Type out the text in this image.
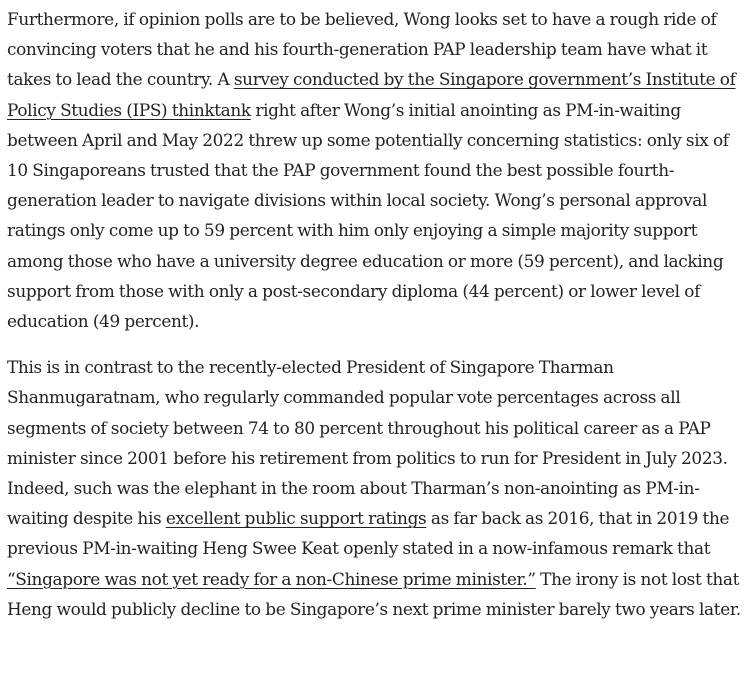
Furthermore, if opinion polls are to be believed, Wong looks set to have a rough ride of convincing voters that he and his fourth-generation PAP leadership team have what it takes to lead the country. A survey conducted by the Singapore government’s Institute of Policy Studies (IPS) thinktank right after Wong’s initial anointing as PM-in-waiting between April and May 2022 threw up some potentially concerning statistics: only six of 10 Singaporeans trusted that the PAP government found the best possible fourth-generation leader to navigate divisions within local society. Wong’s personal approval ratings only come up to 59 percent with him only enjoying a simple majority support among those who have a university degree education or more (59 percent), and lacking support from those with only a post-secondary diploma (44 percent) or lower level of education (49 percent).

This is in contrast to the recently-elected President of Singapore Tharman Shanmugaratnam, who regularly commanded popular vote percentages across all segments of society between 74 to 80 percent throughout his political career as a PAP minister since 2001 before his retirement from politics to run for President in July 2023. Indeed, such was the elephant in the room about Tharman’s non-anointing as PM-in-waiting despite his excellent public support ratings as far back as 2016, that in 2019 the previous PM-in-waiting Heng Swee Keat openly stated in a now-infamous remark that “Singapore was not yet ready for a non-Chinese prime minister.” The irony is not lost that Heng would publicly decline to be Singapore’s next prime minister barely two years later.
